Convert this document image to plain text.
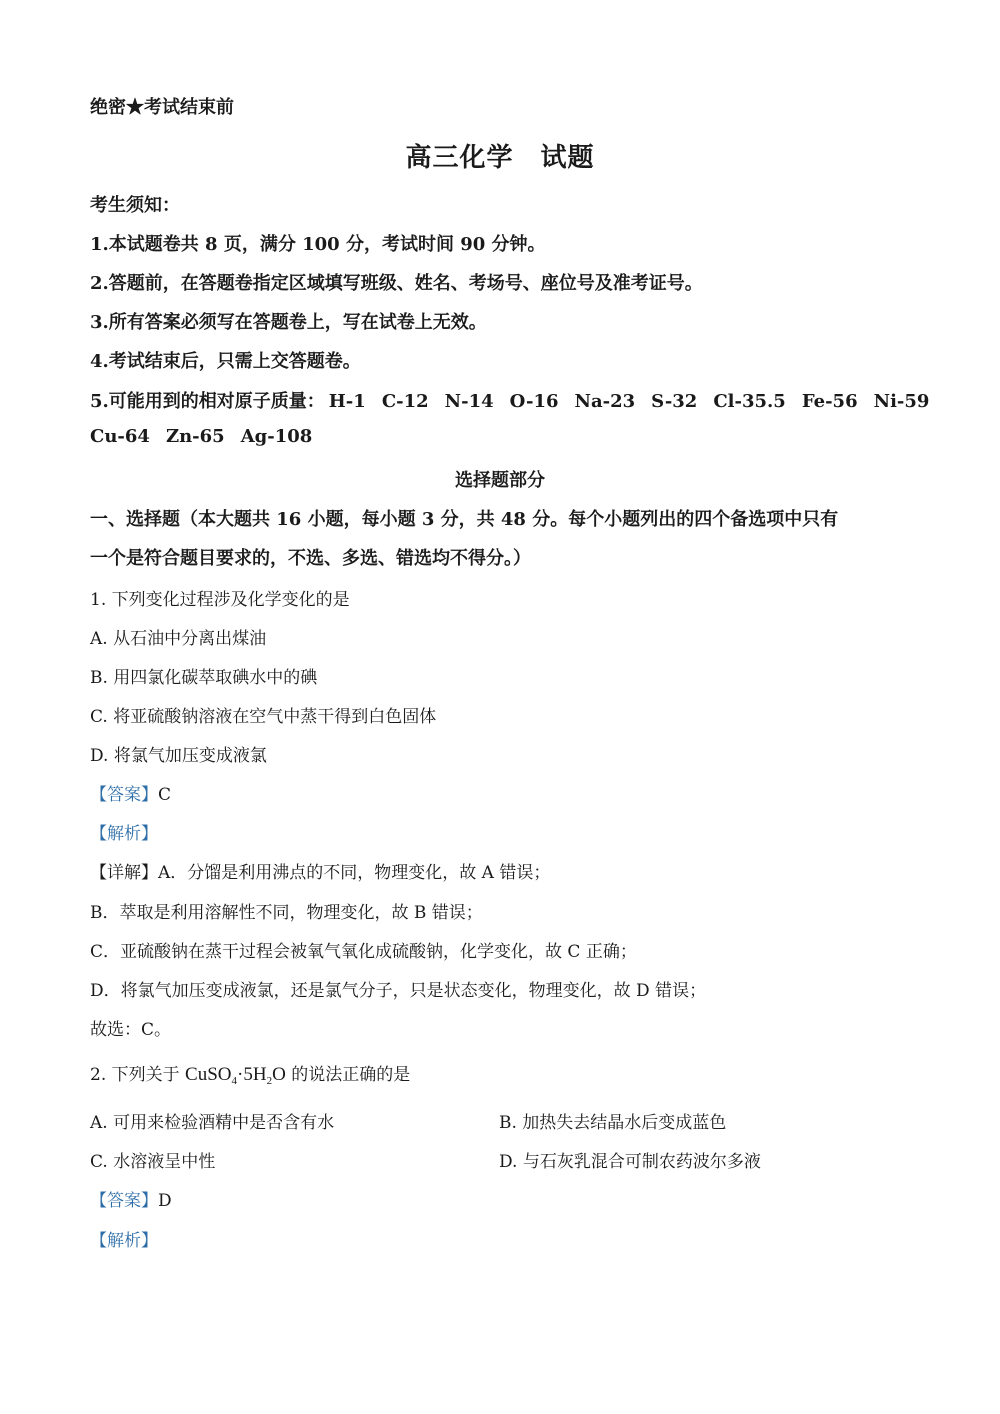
绝密★考试结束前
高三化学　试题
考生须知：
1.本试题卷共 8 页，满分 100 分，考试时间 90 分钟。
2.答题前，在答题卷指定区域填写班级、姓名、考场号、座位号及准考证号。
3.所有答案必须写在答题卷上，写在试卷上无效。
4.考试结束后，只需上交答题卷。
5.可能用到的相对原子质量： H-1 C-12 N-14 O-16 Na-23 S-32 Cl-35.5 Fe-56 Ni-59
Cu-64 Zn-65 Ag-108
选择题部分
一、选择题（本大题共 16 小题，每小题 3 分，共 48 分。每个小题列出的四个备选项中只有
一个是符合题目要求的，不选、多选、错选均不得分。）
1. 下列变化过程涉及化学变化的是
A. 从石油中分离出煤油
B. 用四氯化碳萃取碘水中的碘
C. 将亚硫酸钠溶液在空气中蒸干得到白色固体
D. 将氯气加压变成液氯
【答案】C
【解析】
【详解】A．分馏是利用沸点的不同，物理变化，故 A 错误；
B．萃取是利用溶解性不同，物理变化，故 B 错误；
C．亚硫酸钠在蒸干过程会被氧气氧化成硫酸钠，化学变化，故 C 正确；
D．将氯气加压变成液氯，还是氯气分子，只是状态变化，物理变化，故 D 错误；
故选：C。
2. 下列关于 $CuSO_4\cdot 5H_2O$ 的说法正确的是
A. 可用来检验酒精中是否含有水	B. 加热失去结晶水后变成蓝色
C. 水溶液呈中性	D. 与石灰乳混合可制农药波尔多液
【答案】D
【解析】
